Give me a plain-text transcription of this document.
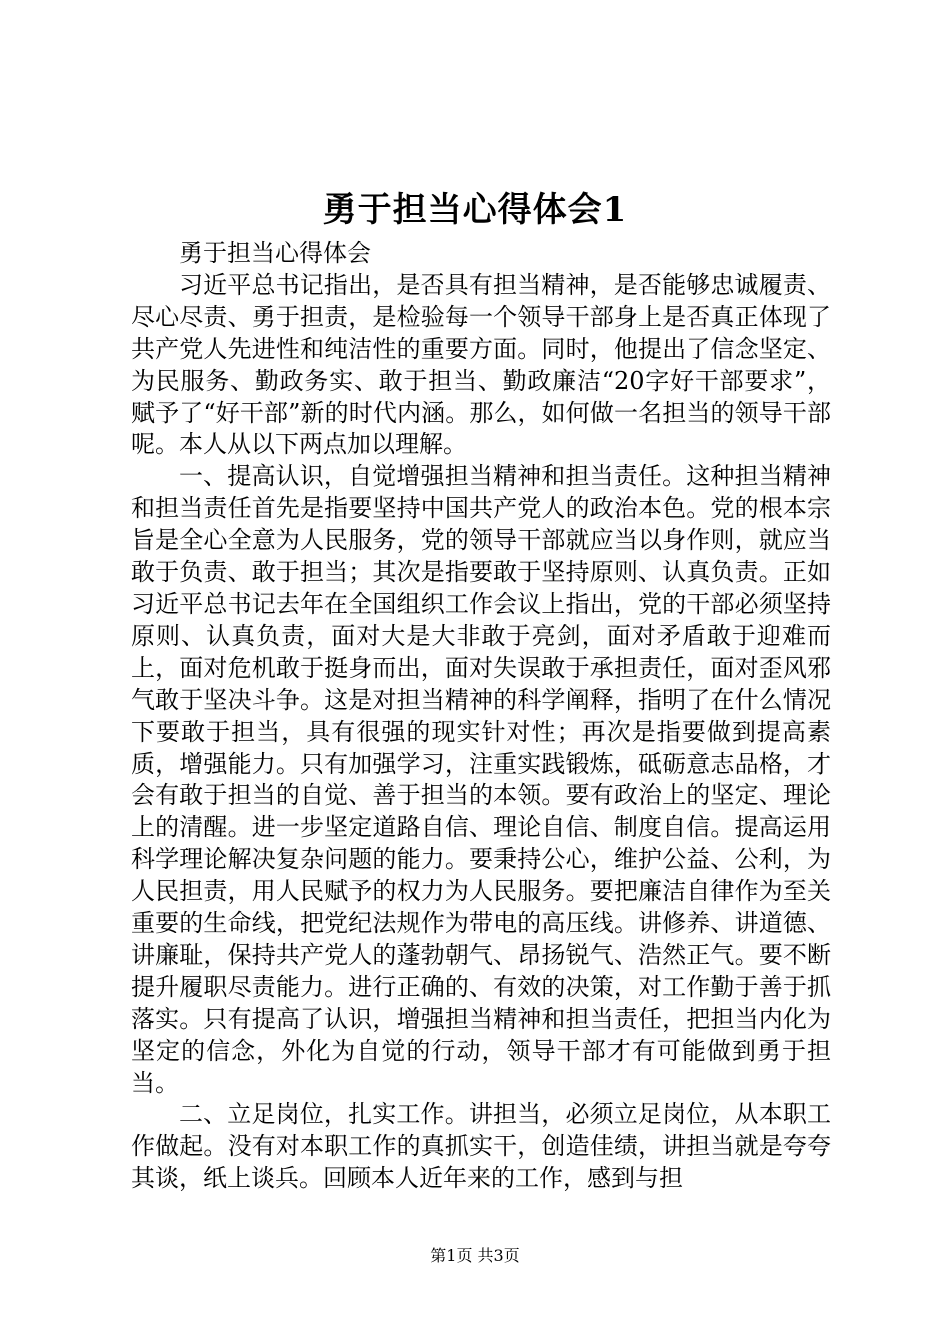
勇于担当心得体会1

勇于担当心得体会

习近平总书记指出，是否具有担当精神，是否能够忠诚履责、尽心尽责、勇于担责，是检验每一个领导干部身上是否真正体现了共产党人先进性和纯洁性的重要方面。同时，他提出了信念坚定、为民服务、勤政务实、敢于担当、勤政廉洁“20字好干部要求”，赋予了“好干部”新的时代内涵。那么，如何做一名担当的领导干部呢。本人从以下两点加以理解。

一、提高认识，自觉增强担当精神和担当责任。这种担当精神和担当责任首先是指要坚持中国共产党人的政治本色。党的根本宗旨是全心全意为人民服务，党的领导干部就应当以身作则，就应当敢于负责、敢于担当；其次是指要敢于坚持原则、认真负责。正如习近平总书记去年在全国组织工作会议上指出，党的干部必须坚持原则、认真负责，面对大是大非敢于亮剑，面对矛盾敢于迎难而上，面对危机敢于挺身而出，面对失误敢于承担责任，面对歪风邪气敢于坚决斗争。这是对担当精神的科学阐释，指明了在什么情况下要敢于担当，具有很强的现实针对性；再次是指要做到提高素质，增强能力。只有加强学习，注重实践锻炼，砥砺意志品格，才会有敢于担当的自觉、善于担当的本领。要有政治上的坚定、理论上的清醒。进一步坚定道路自信、理论自信、制度自信。提高运用科学理论解决复杂问题的能力。要秉持公心，维护公益、公利，为人民担责，用人民赋予的权力为人民服务。要把廉洁自律作为至关重要的生命线，把党纪法规作为带电的高压线。讲修养、讲道德、讲廉耻，保持共产党人的蓬勃朝气、昂扬锐气、浩然正气。要不断提升履职尽责能力。进行正确的、有效的决策，对工作勤于善于抓落实。只有提高了认识，增强担当精神和担当责任，把担当内化为坚定的信念，外化为自觉的行动，领导干部才有可能做到勇于担当。

二、立足岗位，扎实工作。讲担当，必须立足岗位，从本职工作做起。没有对本职工作的真抓实干，创造佳绩，讲担当就是夸夸其谈，纸上谈兵。回顾本人近年来的工作，感到与担

第1页 共3页
